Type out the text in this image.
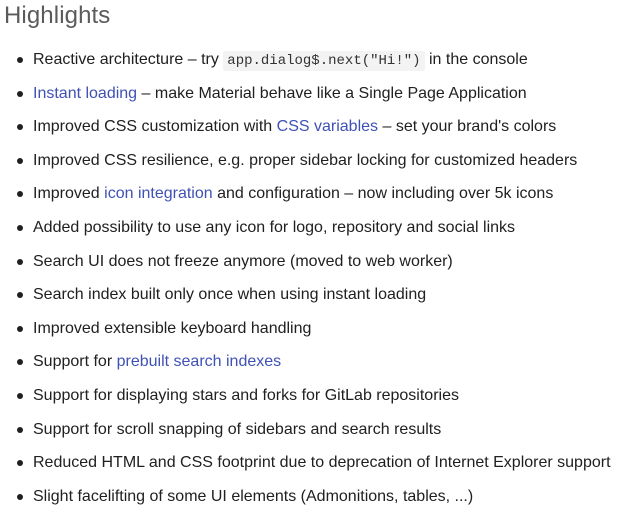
Highlights
Reactive architecture – try app.dialog$.next("Hi!") in the console
Instant loading – make Material behave like a Single Page Application
Improved CSS customization with CSS variables – set your brand's colors
Improved CSS resilience, e.g. proper sidebar locking for customized headers
Improved icon integration and configuration – now including over 5k icons
Added possibility to use any icon for logo, repository and social links
Search UI does not freeze anymore (moved to web worker)
Search index built only once when using instant loading
Improved extensible keyboard handling
Support for prebuilt search indexes
Support for displaying stars and forks for GitLab repositories
Support for scroll snapping of sidebars and search results
Reduced HTML and CSS footprint due to deprecation of Internet Explorer support
Slight facelifting of some UI elements (Admonitions, tables, ...)
